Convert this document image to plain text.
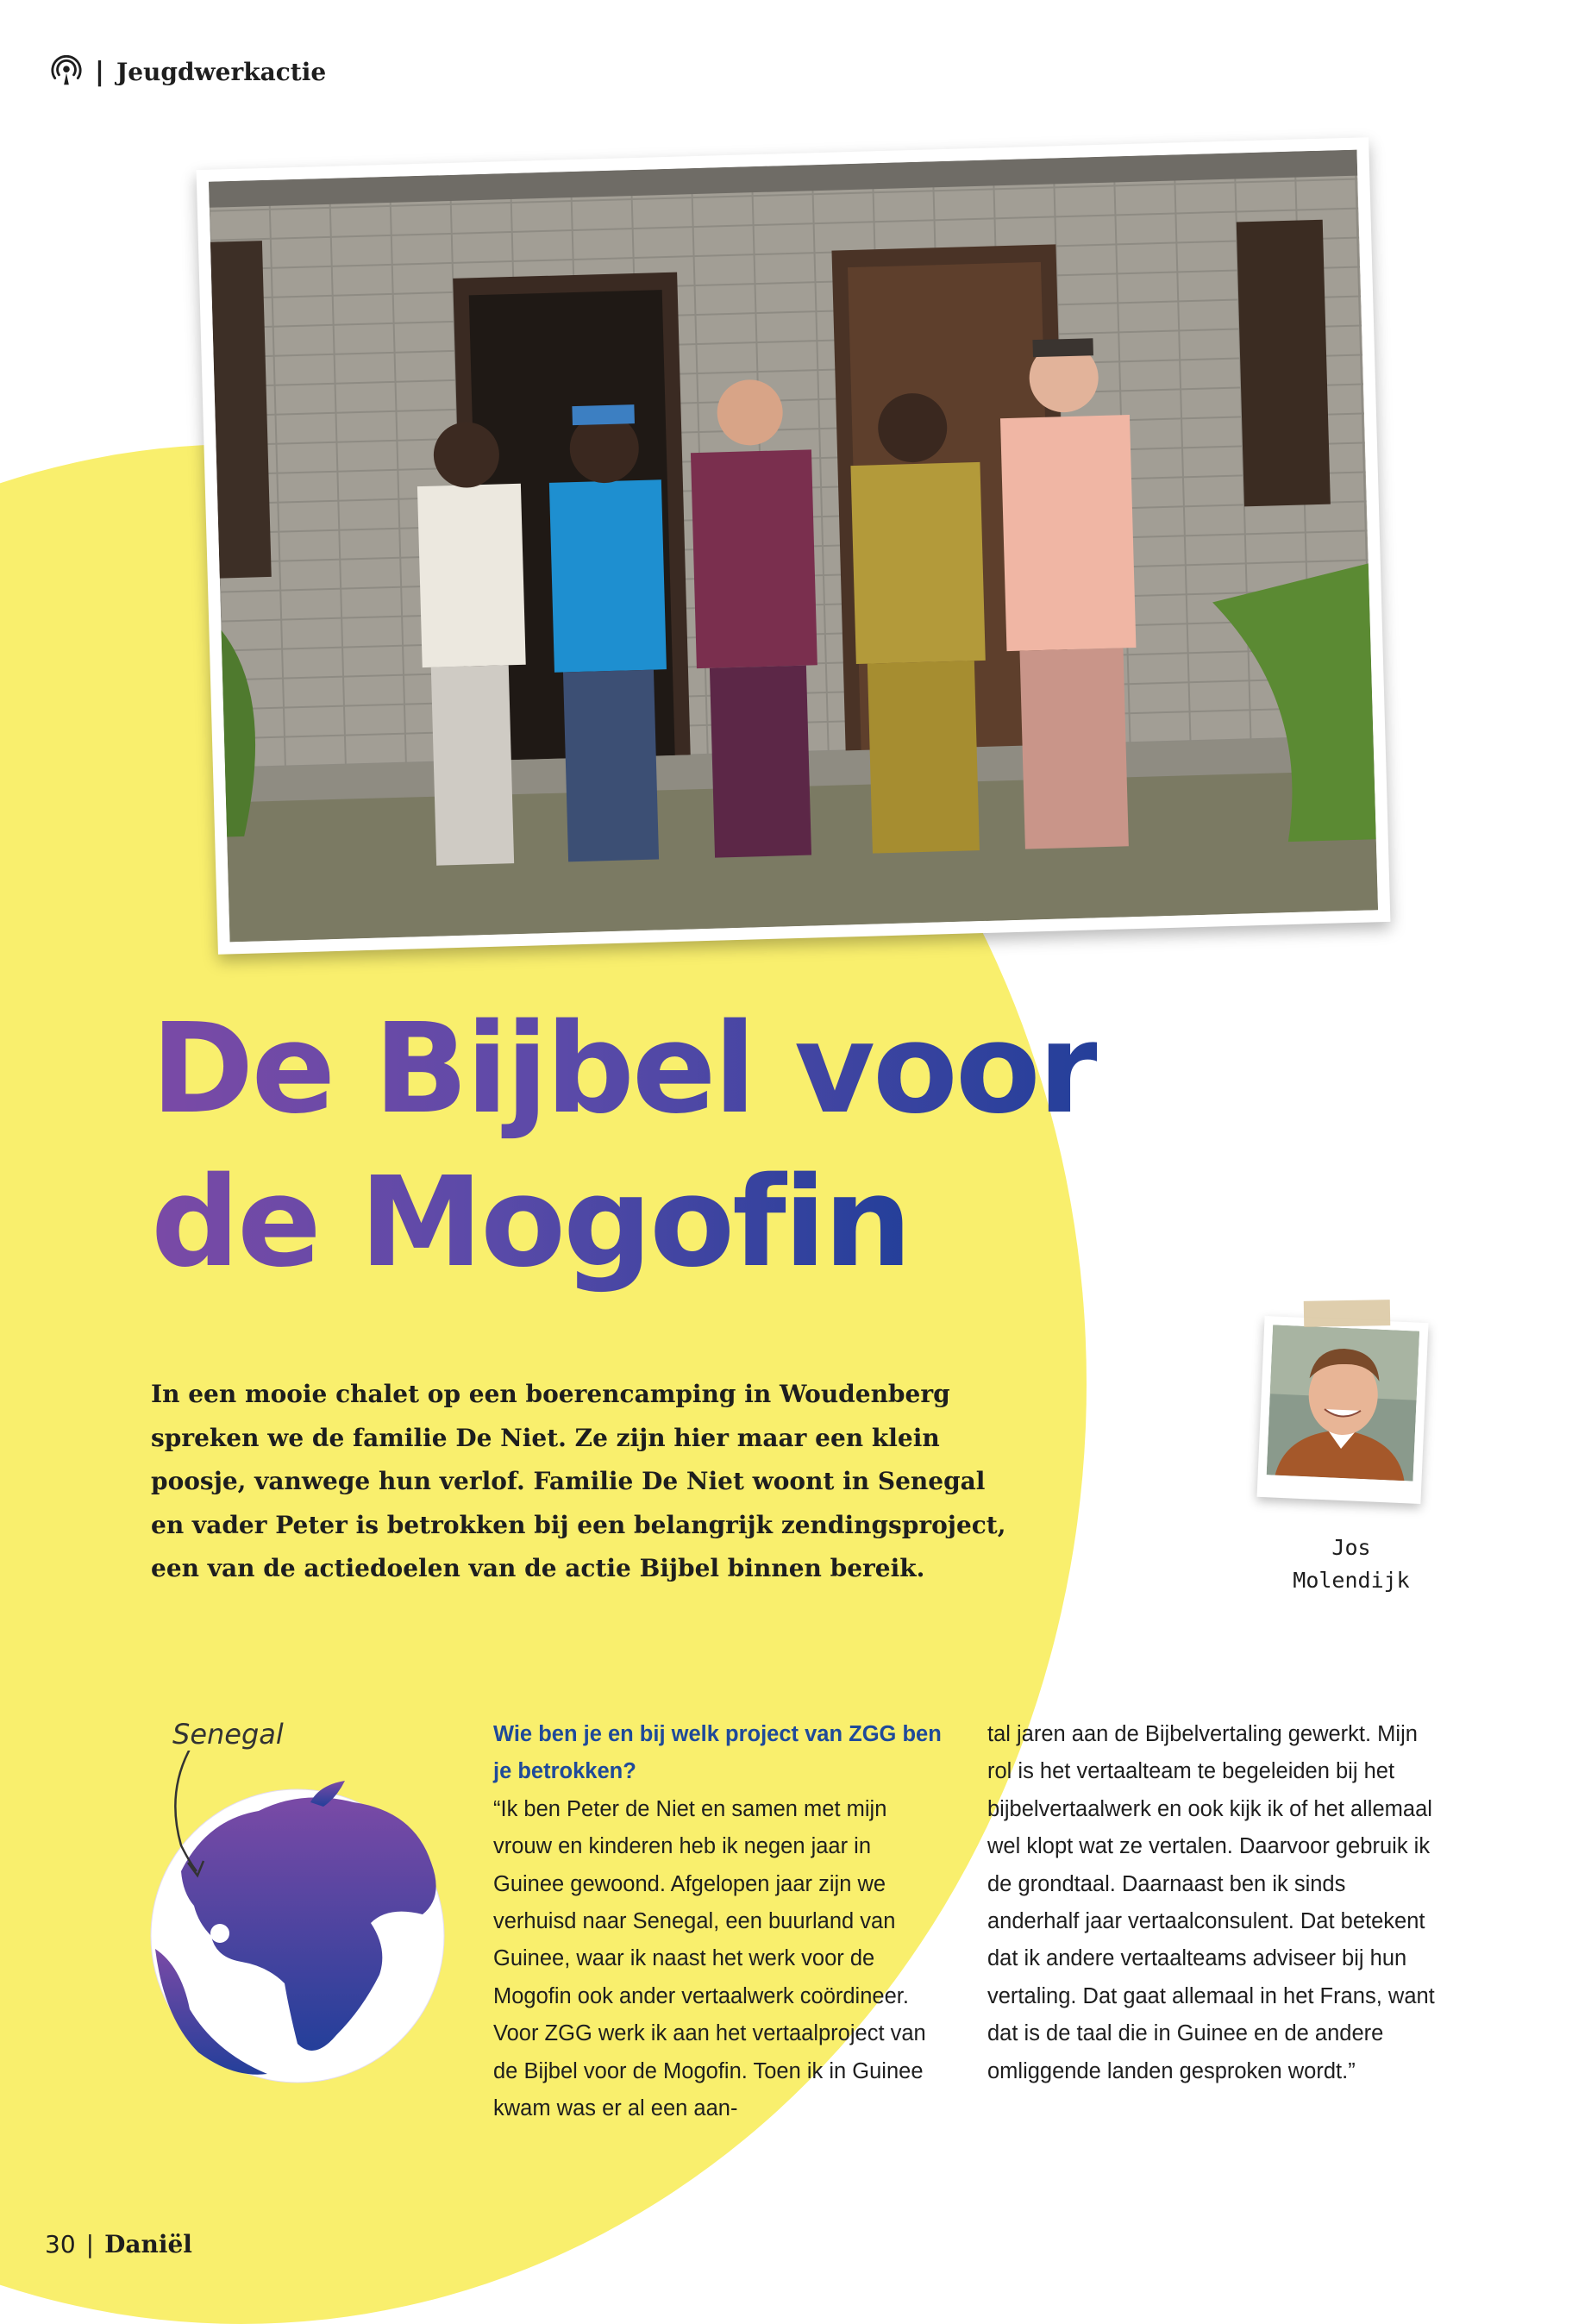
| Jeugdwerkactie
De Bijbel voor
de Mogofin

In een mooie chalet op een boerencamping in Woudenberg spreken we de familie De Niet. Ze zijn hier maar een klein poosje, vanwege hun verlof. Familie De Niet woont in Senegal en vader Peter is betrokken bij een belangrijk zendingsproject, een van de actiedoelen van de actie Bijbel binnen bereik.

Jos
Molendijk
Senegal	Wie ben je en bij welk project van ZGG ben je betrokken?

“Ik ben Peter de Niet en samen met mijn vrouw en kinderen heb ik negen jaar in Guinee gewoond. Afgelopen jaar zijn we verhuisd naar Senegal, een buurland van Guinee, waar ik naast het werk voor de Mogofin ook ander vertaalwerk coördineer. Voor ZGG werk ik aan het vertaalproject van de Bijbel voor de Mogofin. Toen ik in Guinee kwam was er al een aan-

tal jaren aan de Bijbelvertaling gewerkt. Mijn rol is het vertaalteam te begeleiden bij het bijbelvertaalwerk en ook kijk ik of het allemaal wel klopt wat ze vertalen. Daarvoor gebruik ik de grondtaal. Daarnaast ben ik sinds anderhalf jaar vertaalconsulent. Dat betekent dat ik andere vertaalteams adviseer bij hun vertaling. Dat gaat allemaal in het Frans, want dat is de taal die in Guinee en de andere omliggende landen gesproken wordt.”

30 | Daniël
